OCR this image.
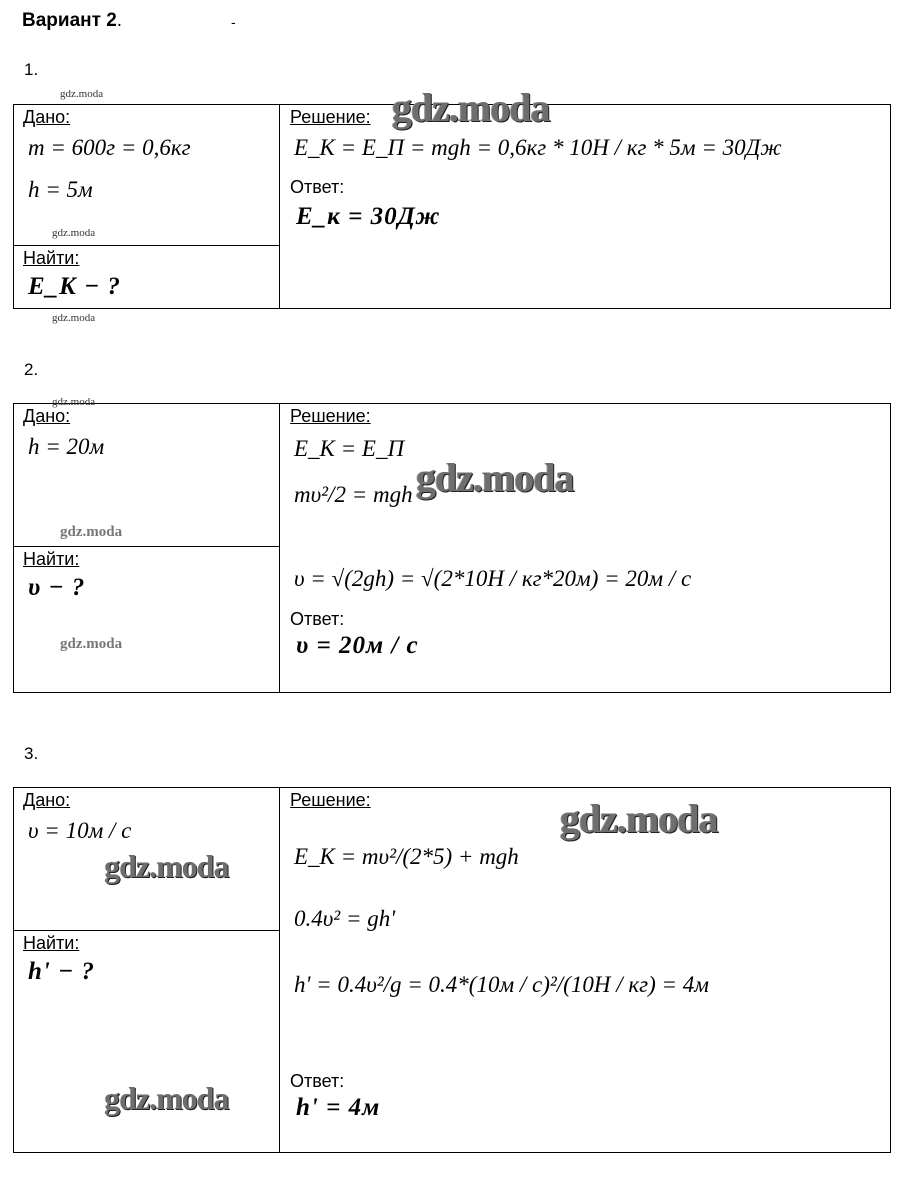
Вариант 2.	-
1.
gdz.moda
Дано:
m = 600г = 0,6кг
h = 5м
gdz.moda
Найти:
E_K − ?
Решение:
E_K = E_П = mgh = 0,6кг * 10Н / кг * 5м = 30Дж
Ответ:
E_к = 30Дж
gdz.moda
gdz.moda
2.
Дано:
h = 20м
gdz.moda
Найти:
υ − ?
gdz.moda
Решение:
E_K = E_П
mυ²/2 = mgh
υ = √(2gh) = √(2*10Н / кг*20м) = 20м / с
Ответ:
υ = 20м / с
gdz.moda
gdz.moda
3.
Дано:
υ = 10м / с
Найти:
h' − ?
Решение:
E_K = mυ²/(2*5) + mgh
0.4υ² = gh'
h' = 0.4υ²/g = 0.4*(10м / с)²/(10Н / кг) = 4м
Ответ:
h' = 4м
gdz.moda
gdz.moda
gdz.moda
